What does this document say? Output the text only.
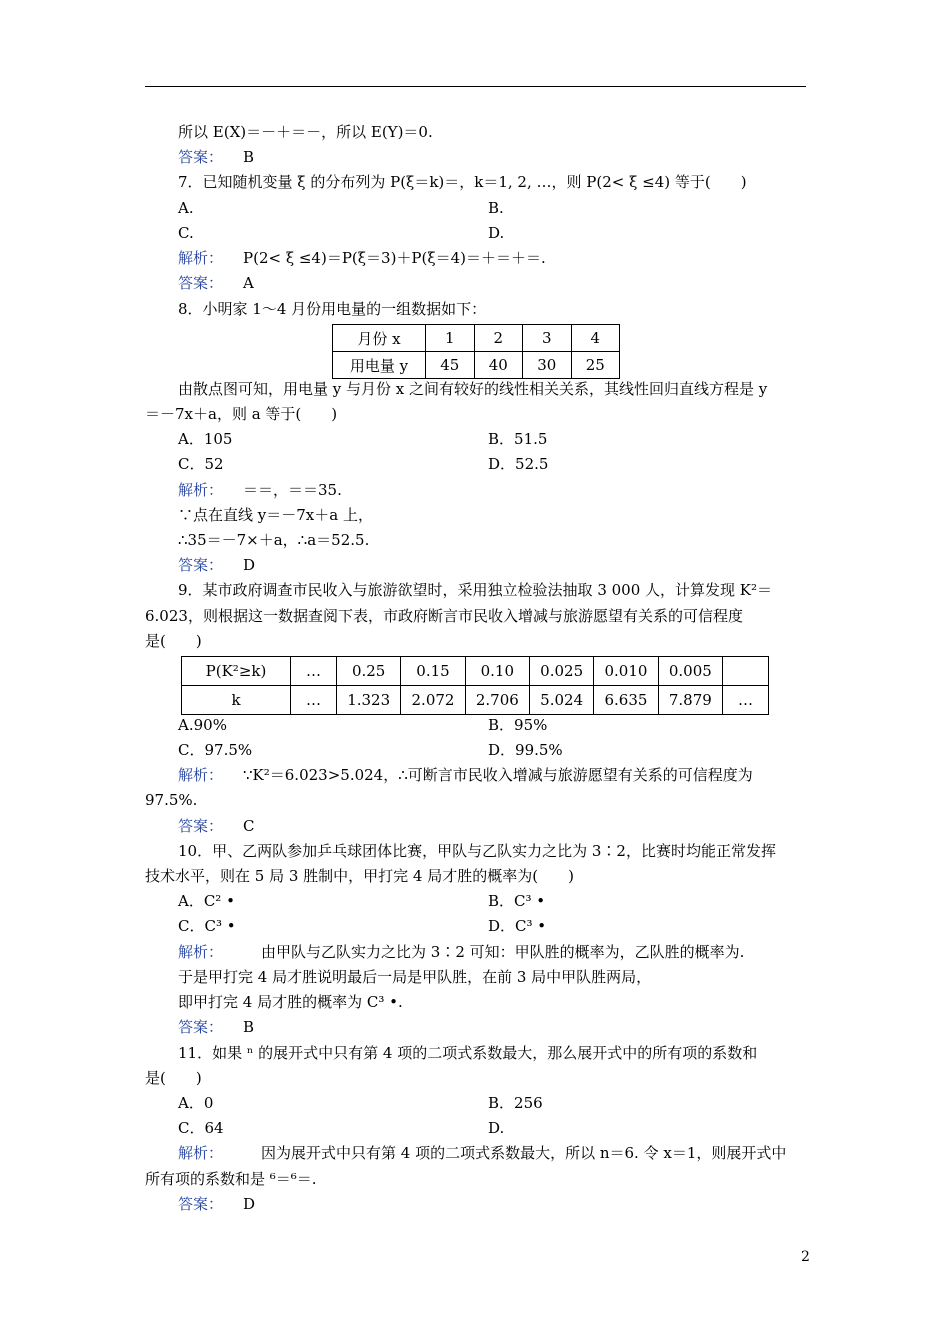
所以 E(X)＝－＋＝－，所以 E(Y)＝0.
答案： B
7．已知随机变量 ξ 的分布列为 P(ξ＝k)＝，k＝1, 2, …，则 P(2< ξ ≤4) 等于(　　)
A.	B.
C.	D.
解析： P(2< ξ ≤4)＝P(ξ＝3)＋P(ξ＝4)＝＋＝＋＝.
答案： A
8．小明家 1～4 月份用电量的一组数据如下：
月份 x	1	2	3	4
用电量 y	45	40	30	25
由散点图可知，用电量 y 与月份 x 之间有较好的线性相关关系，其线性回归直线方程是 y
＝－7x＋a，则 a 等于(　　)
A．105	B．51.5
C．52	D．52.5
解析： ＝＝，＝＝35.
∵点在直线 y＝－7x＋a 上，
∴35＝－7×＋a，∴a＝52.5.
答案： D
9．某市政府调查市民收入与旅游欲望时，采用独立检验法抽取 3 000 人，计算发现 K²＝
6.023，则根据这一数据查阅下表，市政府断言市民收入增减与旅游愿望有关系的可信程度
是(　　)
P(K²≥k)	…	0.25	0.15	0.10	0.025	0.010	0.005	
k	…	1.323	2.072	2.706	5.024	6.635	7.879	…
A.90%	B．95%
C．97.5%	D．99.5%
解析： ∵K²＝6.023>5.024，∴可断言市民收入增减与旅游愿望有关系的可信程度为
97.5%.
答案： C
10．甲、乙两队参加乒乓球团体比赛，甲队与乙队实力之比为 3∶2，比赛时均能正常发挥
技术水平，则在 5 局 3 胜制中，甲打完 4 局才胜的概率为(　　)
A．C² •	B．C³ •
C．C³ •	D．C³ •
解析：	由甲队与乙队实力之比为 3∶2 可知：甲队胜的概率为，乙队胜的概率为.
于是甲打完 4 局才胜说明最后一局是甲队胜，在前 3 局中甲队胜两局，
即甲打完 4 局才胜的概率为 C³ •.
答案： B
11．如果 ⁿ 的展开式中只有第 4 项的二项式系数最大，那么展开式中的所有项的系数和
是(　　)
A．0	B．256
C．64	D.
解析：	因为展开式中只有第 4 项的二项式系数最大，所以 n＝6. 令 x＝1，则展开式中
所有项的系数和是 ⁶＝⁶＝.
答案： D
2
